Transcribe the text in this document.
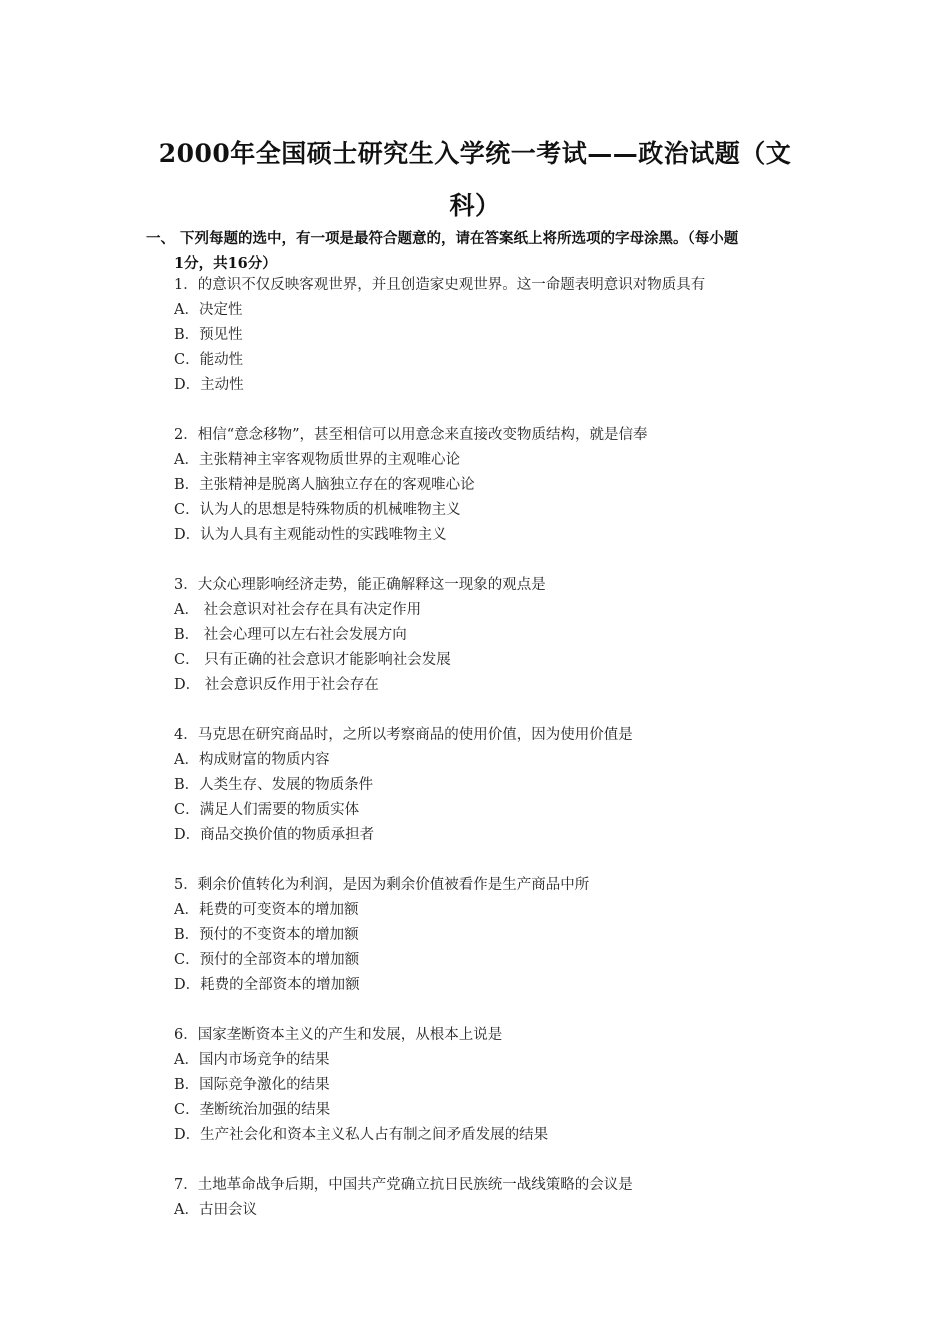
2000年全国硕士研究生入学统一考试——政治试题（文
科）
一、 下列每题的选中，有一项是最符合题意的，请在答案纸上将所选项的字母涂黑。（每小题
1分，共16分）
1．的意识不仅反映客观世界，并且创造家史观世界。这一命题表明意识对物质具有
A．决定性
B．预见性
C．能动性
D．主动性
2．相信“意念移物”，甚至相信可以用意念来直接改变物质结构，就是信奉
A．主张精神主宰客观物质世界的主观唯心论
B．主张精神是脱离人脑独立存在的客观唯心论
C．认为人的思想是特殊物质的机械唯物主义
D．认为人具有主观能动性的实践唯物主义
3．大众心理影响经济走势，能正确解释这一现象的观点是
A． 社会意识对社会存在具有决定作用
B． 社会心理可以左右社会发展方向
C． 只有正确的社会意识才能影响社会发展
D． 社会意识反作用于社会存在
4．马克思在研究商品时，之所以考察商品的使用价值，因为使用价值是
A．构成财富的物质内容
B．人类生存、发展的物质条件
C．满足人们需要的物质实体
D．商品交换价值的物质承担者
5．剩余价值转化为利润，是因为剩余价值被看作是生产商品中所
A．耗费的可变资本的增加额
B．预付的不变资本的增加额
C．预付的全部资本的增加额
D．耗费的全部资本的增加额
6．国家垄断资本主义的产生和发展，从根本上说是
A．国内市场竞争的结果
B．国际竞争激化的结果
C．垄断统治加强的结果
D．生产社会化和资本主义私人占有制之间矛盾发展的结果
7．土地革命战争后期，中国共产党确立抗日民族统一战线策略的会议是
A．古田会议
